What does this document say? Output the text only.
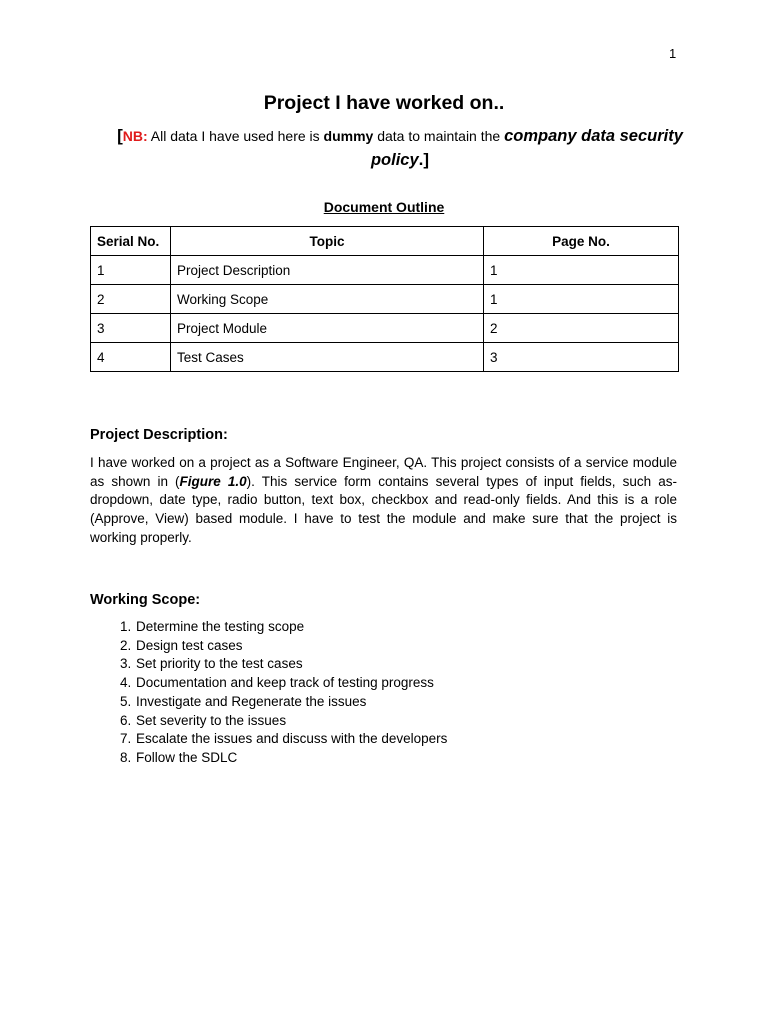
1
Project I have worked on..
[NB: All data I have used here is dummy data to maintain the company data security policy.]
Document Outline
Serial No.	Topic	Page No.
1	Project Description	1
2	Working Scope	1
3	Project Module	2
4	Test Cases	3
Project Description:
I have worked on a project as a Software Engineer, QA. This project consists of a service module as shown in (Figure 1.0). This service form contains several types of input fields, such as- dropdown, date type, radio button, text box, checkbox and read-only fields. And this is a role (Approve, View) based module. I have to test the module and make sure that the project is working properly.
Working Scope:
1. Determine the testing scope
2. Design test cases
3. Set priority to the test cases
4. Documentation and keep track of testing progress
5. Investigate and Regenerate the issues
6. Set severity to the issues
7. Escalate the issues and discuss with the developers
8. Follow the SDLC
